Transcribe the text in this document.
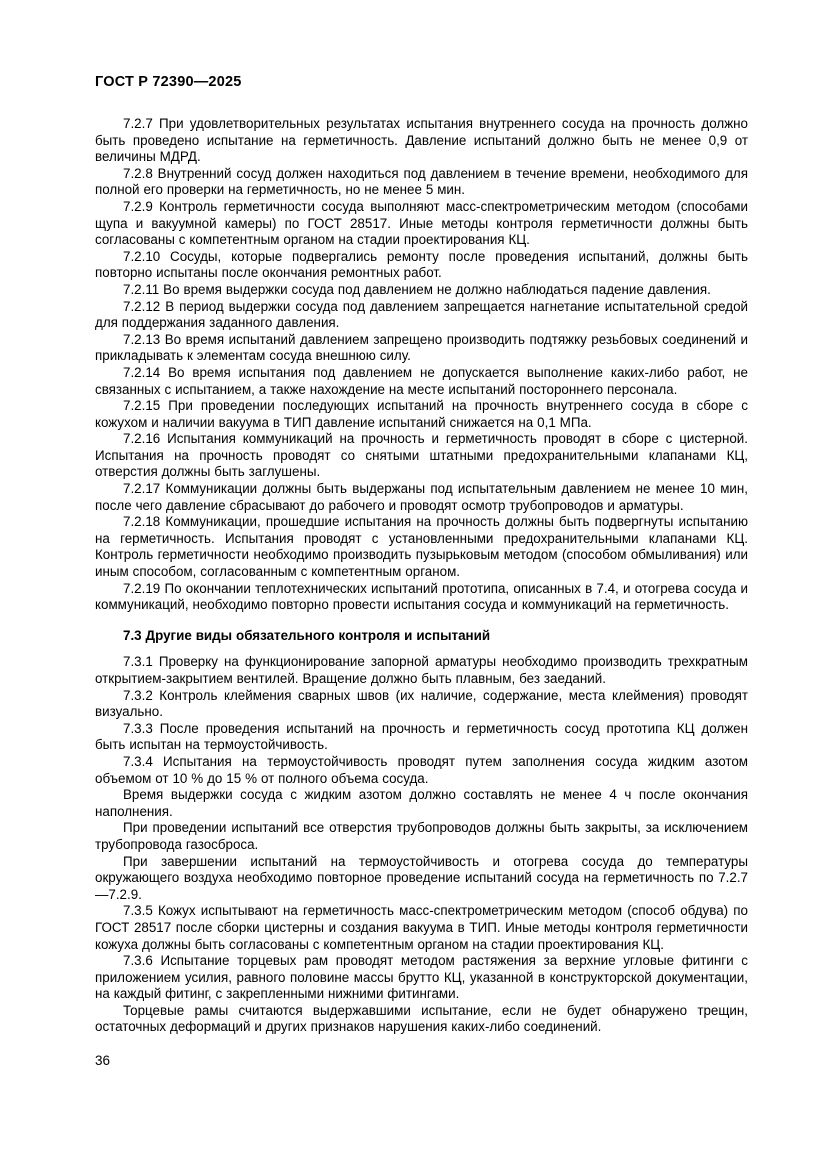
ГОСТ Р 72390—2025

7.2.7 При удовлетворительных результатах испытания внутреннего сосуда на прочность должно быть проведено испытание на герметичность. Давление испытаний должно быть не менее 0,9 от величины МДРД.

7.2.8 Внутренний сосуд должен находиться под давлением в течение времени, необходимого для полной его проверки на герметичность, но не менее 5 мин.

7.2.9 Контроль герметичности сосуда выполняют масс-спектрометрическим методом (способами щупа и вакуумной камеры) по ГОСТ 28517. Иные методы контроля герметичности должны быть согласованы с компетентным органом на стадии проектирования КЦ.

7.2.10 Сосуды, которые подвергались ремонту после проведения испытаний, должны быть повторно испытаны после окончания ремонтных работ.

7.2.11 Во время выдержки сосуда под давлением не должно наблюдаться падение давления.

7.2.12 В период выдержки сосуда под давлением запрещается нагнетание испытательной средой для поддержания заданного давления.

7.2.13 Во время испытаний давлением запрещено производить подтяжку резьбовых соединений и прикладывать к элементам сосуда внешнюю силу.

7.2.14 Во время испытания под давлением не допускается выполнение каких-либо работ, не связанных с испытанием, а также нахождение на месте испытаний постороннего персонала.

7.2.15 При проведении последующих испытаний на прочность внутреннего сосуда в сборе с кожухом и наличии вакуума в ТИП давление испытаний снижается на 0,1 МПа.

7.2.16 Испытания коммуникаций на прочность и герметичность проводят в сборе с цистерной. Испытания на прочность проводят со снятыми штатными предохранительными клапанами КЦ, отверстия должны быть заглушены.

7.2.17 Коммуникации должны быть выдержаны под испытательным давлением не менее 10 мин, после чего давление сбрасывают до рабочего и проводят осмотр трубопроводов и арматуры.

7.2.18 Коммуникации, прошедшие испытания на прочность должны быть подвергнуты испытанию на герметичность. Испытания проводят с установленными предохранительными клапанами КЦ. Контроль герметичности необходимо производить пузырьковым методом (способом обмыливания) или иным способом, согласованным с компетентным органом.

7.2.19 По окончании теплотехнических испытаний прототипа, описанных в 7.4, и отогрева сосуда и коммуникаций, необходимо повторно провести испытания сосуда и коммуникаций на герметичность.

7.3 Другие виды обязательного контроля и испытаний

7.3.1 Проверку на функционирование запорной арматуры необходимо производить трехкратным открытием-закрытием вентилей. Вращение должно быть плавным, без заеданий.

7.3.2 Контроль клеймения сварных швов (их наличие, содержание, места клеймения) проводят визуально.

7.3.3 После проведения испытаний на прочность и герметичность сосуд прототипа КЦ должен быть испытан на термоустойчивость.

7.3.4 Испытания на термоустойчивость проводят путем заполнения сосуда жидким азотом объемом от 10 % до 15 % от полного объема сосуда.

Время выдержки сосуда с жидким азотом должно составлять не менее 4 ч после окончания наполнения.

При проведении испытаний все отверстия трубопроводов должны быть закрыты, за исключением трубопровода газосброса.

При завершении испытаний на термоустойчивость и отогрева сосуда до температуры окружающего воздуха необходимо повторное проведение испытаний сосуда на герметичность по 7.2.7—7.2.9.

7.3.5 Кожух испытывают на герметичность масс-спектрометрическим методом (способ обдува) по ГОСТ 28517 после сборки цистерны и создания вакуума в ТИП. Иные методы контроля герметичности кожуха должны быть согласованы с компетентным органом на стадии проектирования КЦ.

7.3.6 Испытание торцевых рам проводят методом растяжения за верхние угловые фитинги с приложением усилия, равного половине массы брутто КЦ, указанной в конструкторской документации, на каждый фитинг, с закрепленными нижними фитингами.

Торцевые рамы считаются выдержавшими испытание, если не будет обнаружено трещин, остаточных деформаций и других признаков нарушения каких-либо соединений.

36
